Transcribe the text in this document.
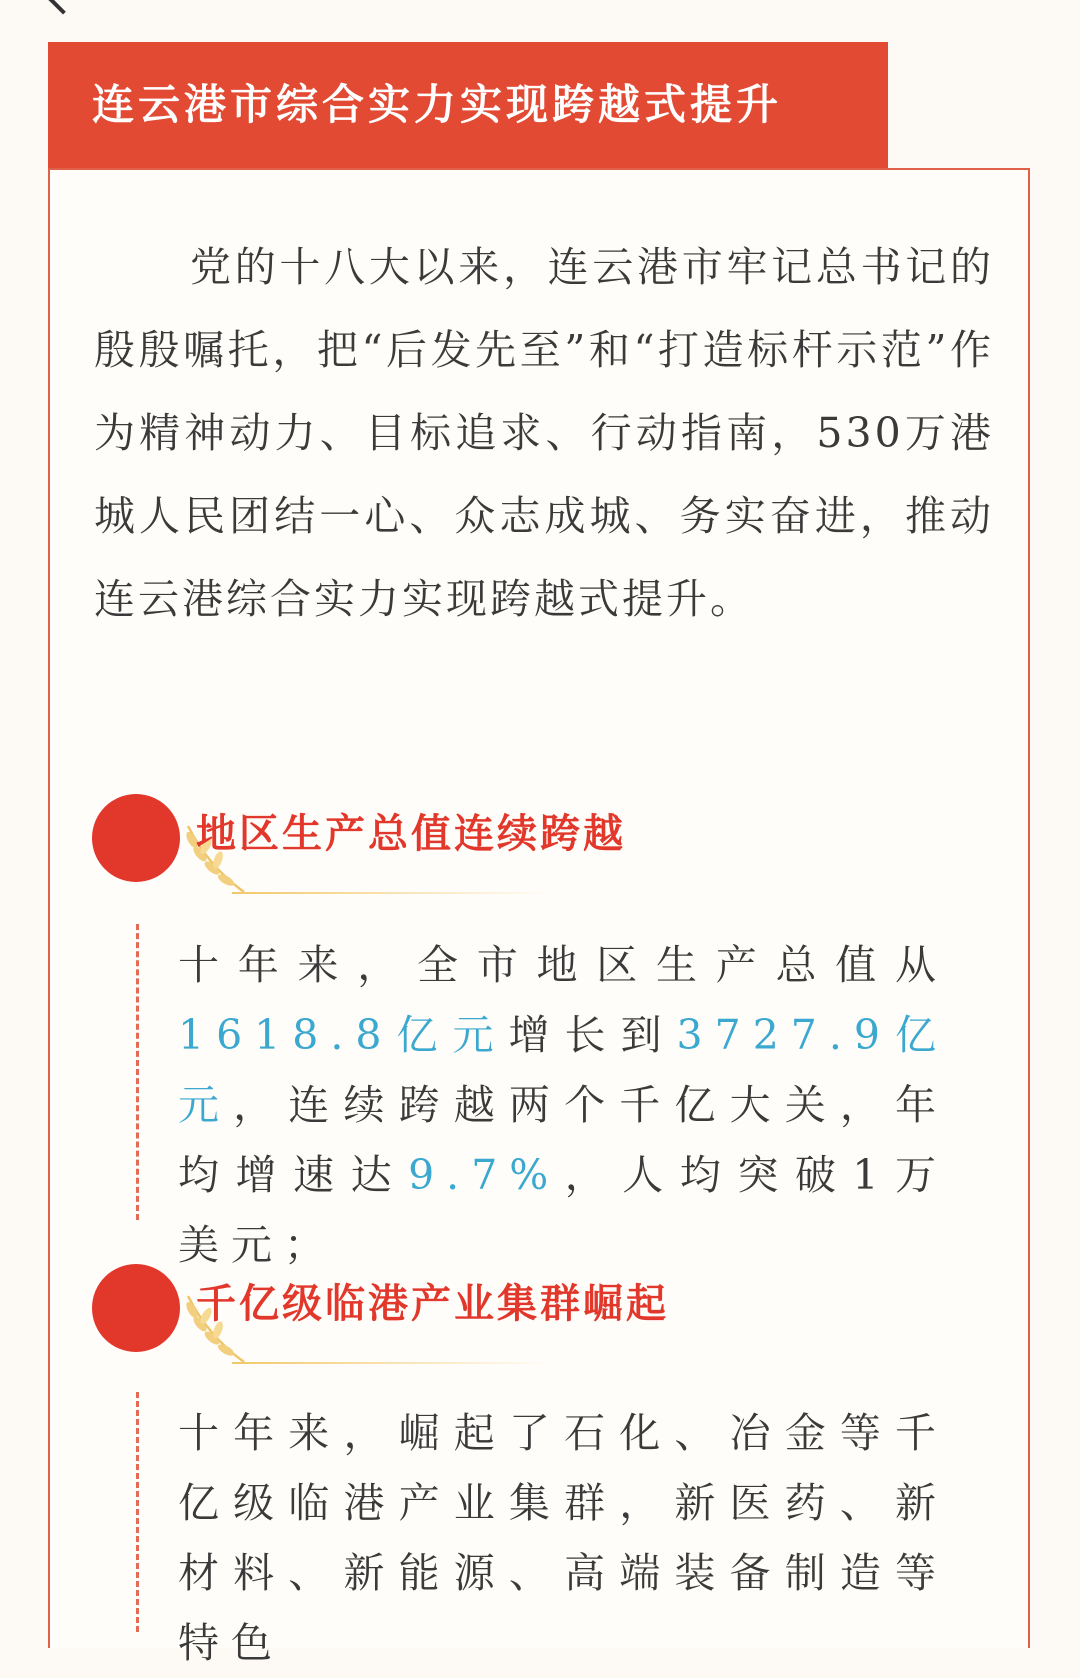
连云港市综合实力实现跨越式提升

党的十八大以来，连云港市牢记总书记的殷殷嘱托，把“后发先至”和“打造标杆示范”作为精神动力、目标追求、行动指南，530万港城人民团结一心、众志成城、务实奋进，推动连云港综合实力实现跨越式提升。

地区生产总值连续跨越

十年来，全市地区生产总值从1618.8亿元增长到3727.9亿元，连续跨越两个千亿大关，年均增速达9.7%，人均突破1万美元；

千亿级临港产业集群崛起

十年来，崛起了石化、冶金等千亿级临港产业集群，新医药、新材料、新能源、高端装备制造等特色
